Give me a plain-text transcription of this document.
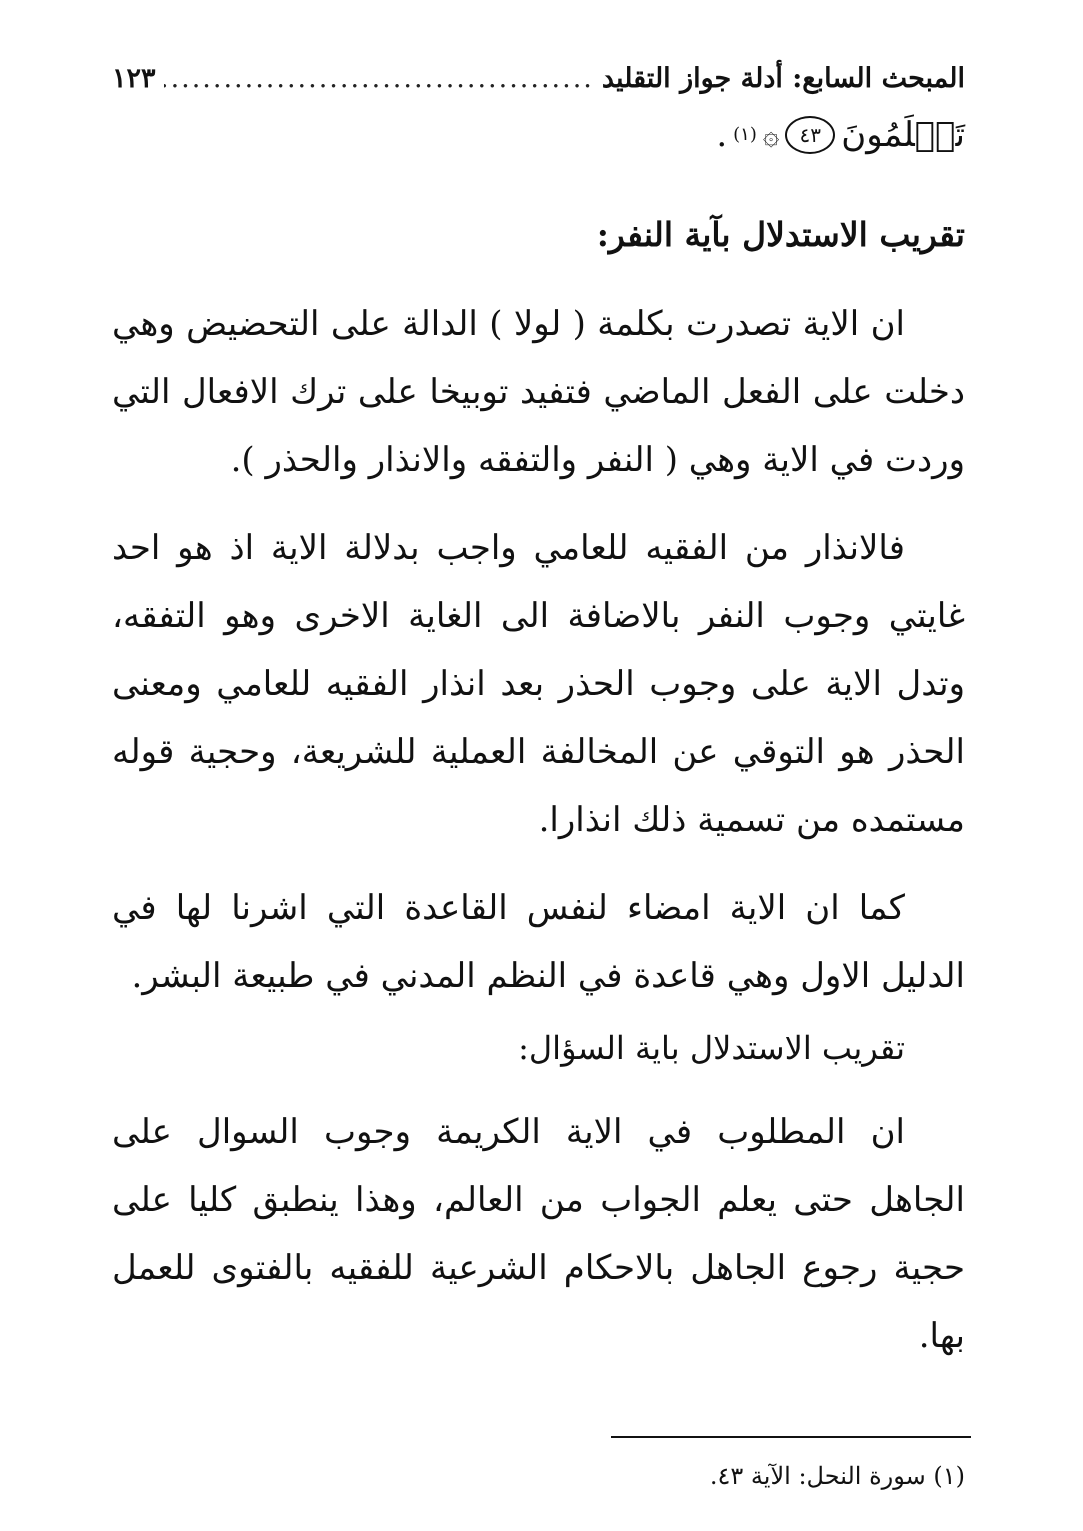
المبحث السابع: أدلة جواز التقليد
.....
١٢٣
تَعۡلَمُونَ
٤٣
۞
(١)
.
تقريب الاستدلال بآية النفر:

ان الاية تصدرت بكلمة ( لولا ) الدالة على التحضيض وهي دخلت على الفعل الماضي فتفيد توبيخا على ترك الافعال التي وردت في الاية وهي ( النفر والتفقه والانذار والحذر ).

فالانذار من الفقيه للعامي واجب بدلالة الاية اذ هو احد غايتي وجوب النفر بالاضافة الى الغاية الاخرى وهو التفقه، وتدل الاية على وجوب الحذر بعد انذار الفقيه للعامي ومعنى الحذر هو التوقي عن المخالفة العملية للشريعة، وحجية قوله مستمده من تسمية ذلك انذارا.

كما ان الاية امضاء لنفس القاعدة التي اشرنا لها في الدليل الاول وهي قاعدة في النظم المدني في طبيعة البشر.

تقريب الاستدلال باية السؤال:

ان المطلوب في الاية الكريمة وجوب السوال على الجاهل حتى يعلم الجواب من العالم، وهذا ينطبق كليا على حجية رجوع الجاهل بالاحكام الشرعية للفقيه بالفتوى للعمل بها.

(١) سورة النحل: الآية ٤٣.
